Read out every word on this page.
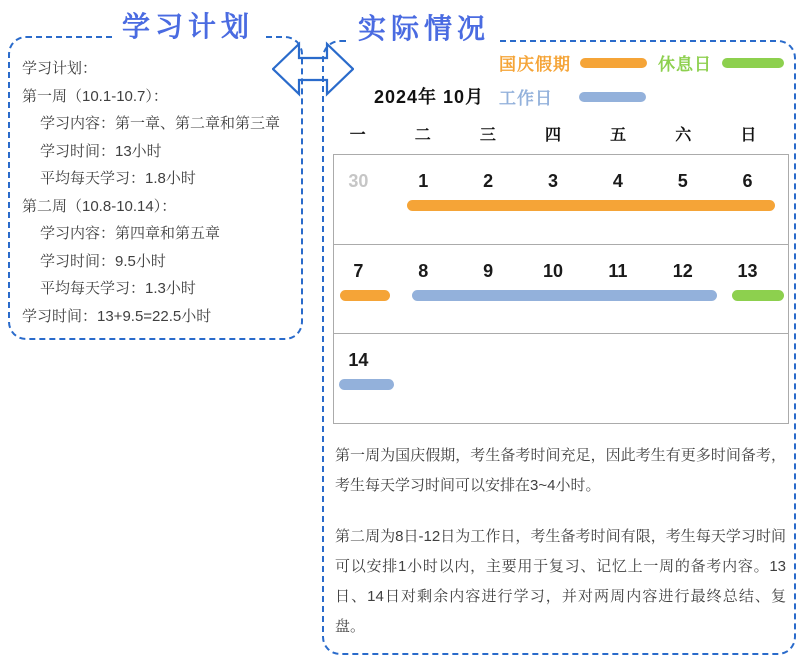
学习计划：
第一周（10.1-10.7）：
学习内容：第一章、第二章和第三章
学习时间：13小时
平均每天学习：1.8小时
第二周（10.8-10.14）：
学习内容：第四章和第五章
学习时间：9.5小时
平均每天学习：1.3小时
学习时间：13+9.5=22.5小时
学习计划
国庆假期	休息日
工作日
2024年 10月
一	二	三	四	五	六	日
30	1	2	3	4	5	6
7	8	9	10	11	12	13
14

第一周为国庆假期，考生备考时间充足，因此考生有更多时间备考，考生每天学习时间可以安排在3~4小时。

第二周为8日-12日为工作日，考生备考时间有限，考生每天学习时间可以安排1小时以内，主要用于复习、记忆上一周的备考内容。13日、14日对剩余内容进行学习，并对两周内容进行最终总结、复盘。

实际情况
